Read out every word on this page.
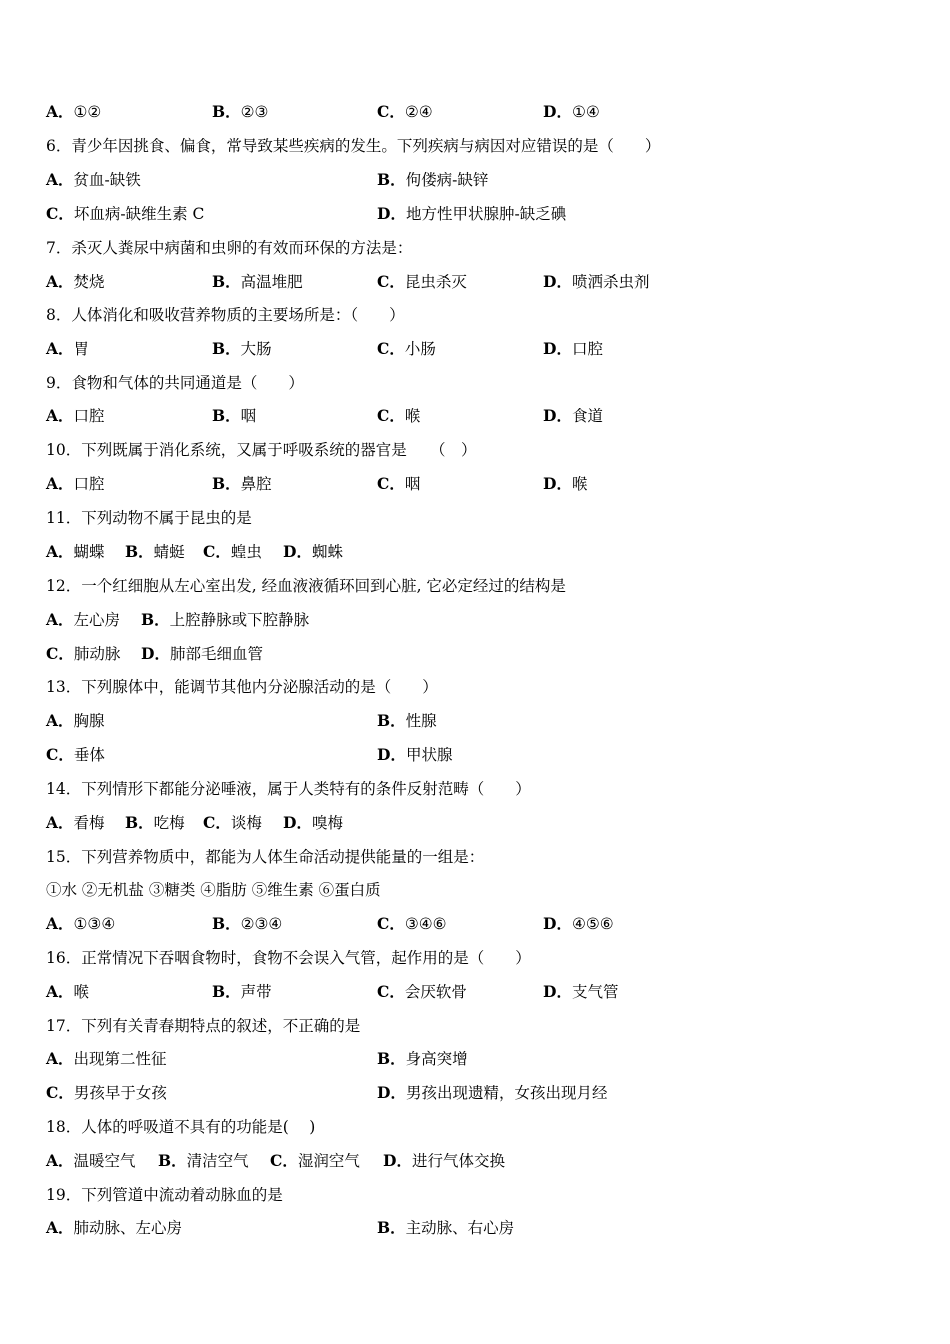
A．①②	B．②③	C．②④	D．①④
6．青少年因挑食、偏食，常导致某些疾病的发生。下列疾病与病因对应错误的是（　　）
A．贫血-缺铁	B．佝偻病-缺锌
C．坏血病-缺维生素 C	D．地方性甲状腺肿-缺乏碘
7．杀灭人粪尿中病菌和虫卵的有效而环保的方法是：
A．焚烧	B．高温堆肥	C．昆虫杀灭	D．喷洒杀虫剂
8．人体消化和吸收营养物质的主要场所是：（　　）
A．胃	B．大肠	C．小肠	D．口腔
9．食物和气体的共同通道是（　　）
A．口腔	B．咽	C．喉	D．食道
10．下列既属于消化系统，又属于呼吸系统的器官是　　（　）
A．口腔	B．鼻腔	C．咽	D．喉
11．下列动物不属于昆虫的是
A．蝴蝶 B．蜻蜓 C．蝗虫 D．蜘蛛
12．一个红细胞从左心室出发, 经血液液循环回到心脏, 它必定经过的结构是
A．左心房 B．上腔静脉或下腔静脉
C．肺动脉 D．肺部毛细血管
13．下列腺体中，能调节其他内分泌腺活动的是（　　）
A．胸腺	B．性腺
C．垂体	D．甲状腺
14．下列情形下都能分泌唾液，属于人类特有的条件反射范畴（　　）
A．看梅 B．吃梅 C．谈梅 D．嗅梅
15．下列营养物质中，都能为人体生命活动提供能量的一组是：
①水 ②无机盐 ③糖类 ④脂肪 ⑤维生素 ⑥蛋白质
A．①③④	B．②③④	C．③④⑥	D．④⑤⑥
16．正常情况下吞咽食物时，食物不会误入气管，起作用的是（　　）
A．喉	B．声带	C．会厌软骨	D．支气管
17．下列有关青春期特点的叙述，不正确的是
A．出现第二性征	B．身高突增
C．男孩早于女孩	D．男孩出现遗精，女孩出现月经
18．人体的呼吸道不具有的功能是(　 )
A．温暖空气 B．清洁空气 C．湿润空气 D．进行气体交换
19．下列管道中流动着动脉血的是
A．肺动脉、左心房	B．主动脉、右心房
